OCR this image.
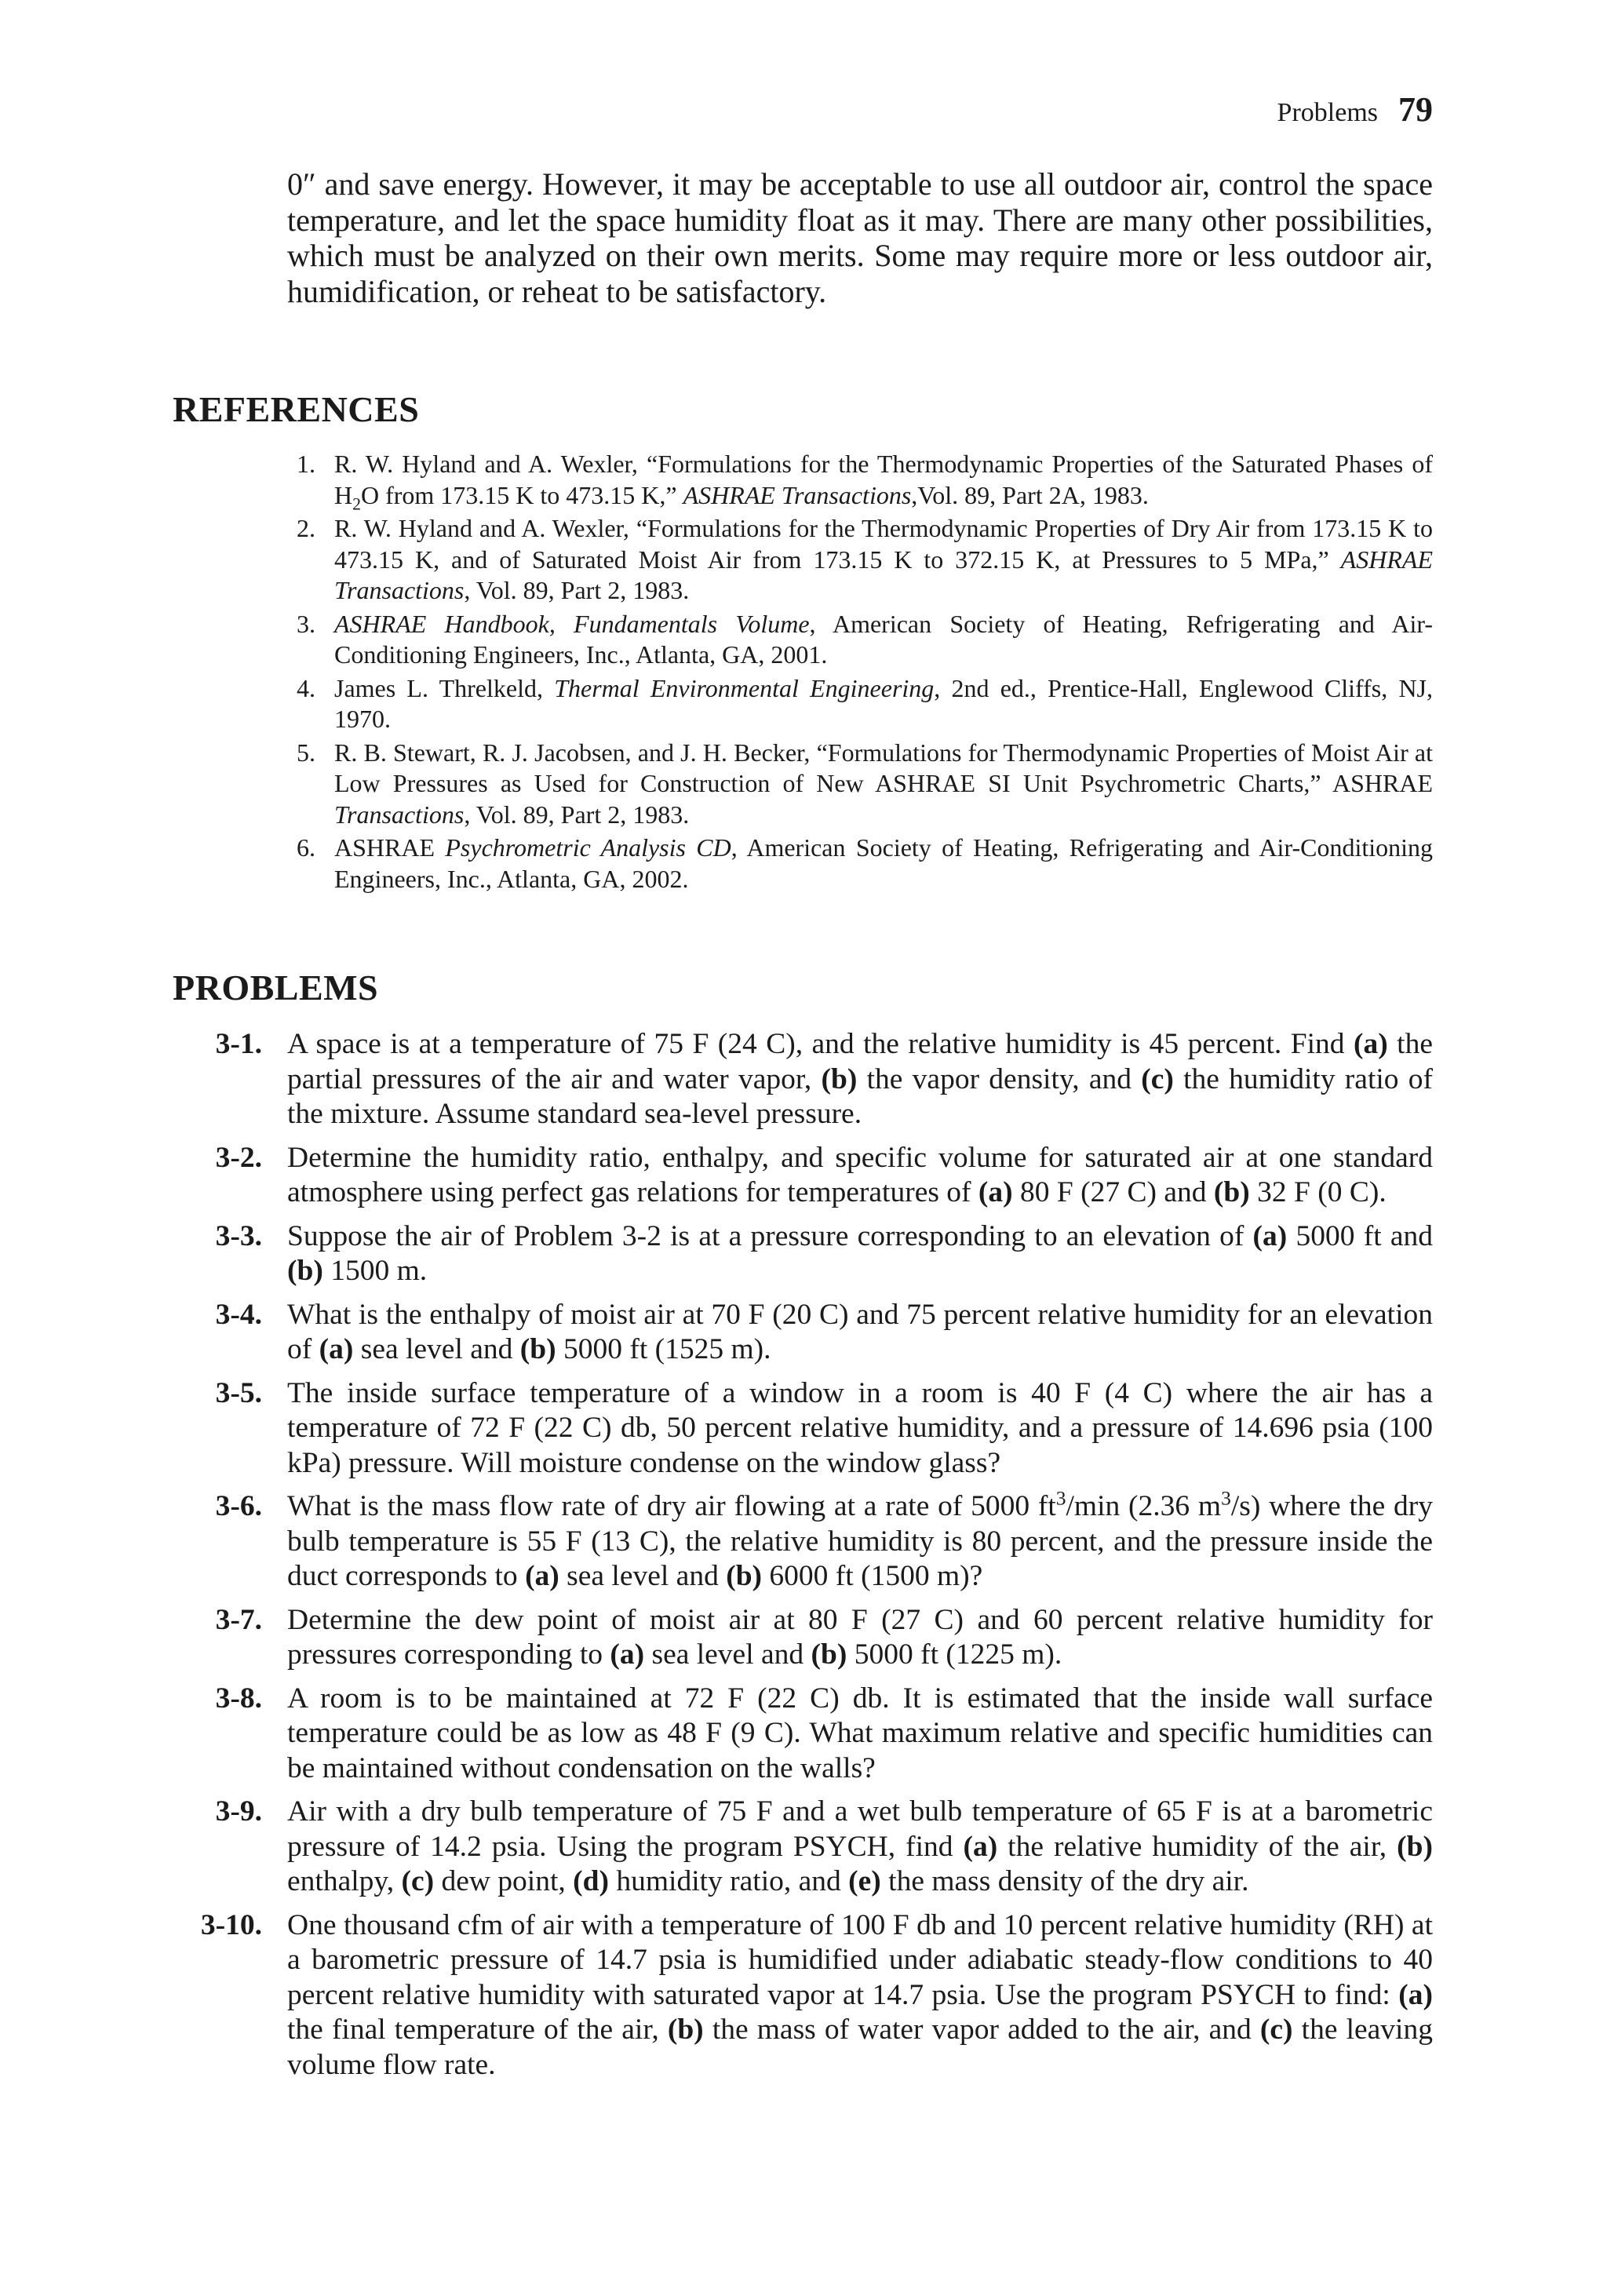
Problems 79

0″ and save energy. However, it may be acceptable to use all outdoor air, control the space temperature, and let the space humidity float as it may. There are many other possibilities, which must be analyzed on their own merits. Some may require more or less outdoor air, humidification, or reheat to be satisfactory.

REFERENCES
1. R. W. Hyland and A. Wexler, “Formulations for the Thermodynamic Properties of the Saturated Phases of $H_2O$ from 173.15 K to 473.15 K,” ASHRAE Transactions,Vol. 89, Part 2A, 1983.
2. R. W. Hyland and A. Wexler, “Formulations for the Thermodynamic Properties of Dry Air from 173.15 K to 473.15 K, and of Saturated Moist Air from 173.15 K to 372.15 K, at Pressures to 5 MPa,” ASHRAE Transactions, Vol. 89, Part 2, 1983.
3. ASHRAE Handbook, Fundamentals Volume, American Society of Heating, Refrigerating and Air-Conditioning Engineers, Inc., Atlanta, GA, 2001.
4. James L. Threlkeld, Thermal Environmental Engineering, 2nd ed., Prentice-Hall, Englewood Cliffs, NJ, 1970.
5. R. B. Stewart, R. J. Jacobsen, and J. H. Becker, “Formulations for Thermodynamic Properties of Moist Air at Low Pressures as Used for Construction of New ASHRAE SI Unit Psychrometric Charts,” ASHRAE Transactions, Vol. 89, Part 2, 1983.
6. ASHRAE Psychrometric Analysis CD, American Society of Heating, Refrigerating and Air-Conditioning Engineers, Inc., Atlanta, GA, 2002.
PROBLEMS
3-1. A space is at a temperature of 75 F (24 C), and the relative humidity is 45 percent. Find (a) the partial pressures of the air and water vapor, (b) the vapor density, and (c) the humidity ratio of the mixture. Assume standard sea-level pressure.
3-2. Determine the humidity ratio, enthalpy, and specific volume for saturated air at one standard atmosphere using perfect gas relations for temperatures of (a) 80 F (27 C) and (b) 32 F (0 C).
3-3. Suppose the air of Problem 3-2 is at a pressure corresponding to an elevation of (a) 5000 ft and (b) 1500 m.
3-4. What is the enthalpy of moist air at 70 F (20 C) and 75 percent relative humidity for an elevation of (a) sea level and (b) 5000 ft (1525 m).
3-5. The inside surface temperature of a window in a room is 40 F (4 C) where the air has a temperature of 72 F (22 C) db, 50 percent relative humidity, and a pressure of 14.696 psia (100 kPa) pressure. Will moisture condense on the window glass?
3-6. What is the mass flow rate of dry air flowing at a rate of 5000 $ft^3/\min$ (2.36 $m^3/s$) where the dry bulb temperature is 55 F (13 C), the relative humidity is 80 percent, and the pressure inside the duct corresponds to (a) sea level and (b) 6000 ft (1500 m)?
3-7. Determine the dew point of moist air at 80 F (27 C) and 60 percent relative humidity for pressures corresponding to (a) sea level and (b) 5000 ft (1225 m).
3-8. A room is to be maintained at 72 F (22 C) db. It is estimated that the inside wall surface temperature could be as low as 48 F (9 C). What maximum relative and specific humidities can be maintained without condensation on the walls?
3-9. Air with a dry bulb temperature of 75 F and a wet bulb temperature of 65 F is at a barometric pressure of 14.2 psia. Using the program PSYCH, find (a) the relative humidity of the air, (b) enthalpy, (c) dew point, (d) humidity ratio, and (e) the mass density of the dry air.
3-10. One thousand cfm of air with a temperature of 100 F db and 10 percent relative humidity (RH) at a barometric pressure of 14.7 psia is humidified under adiabatic steady-flow conditions to 40 percent relative humidity with saturated vapor at 14.7 psia. Use the program PSYCH to find: (a) the final temperature of the air, (b) the mass of water vapor added to the air, and (c) the leaving volume flow rate.
